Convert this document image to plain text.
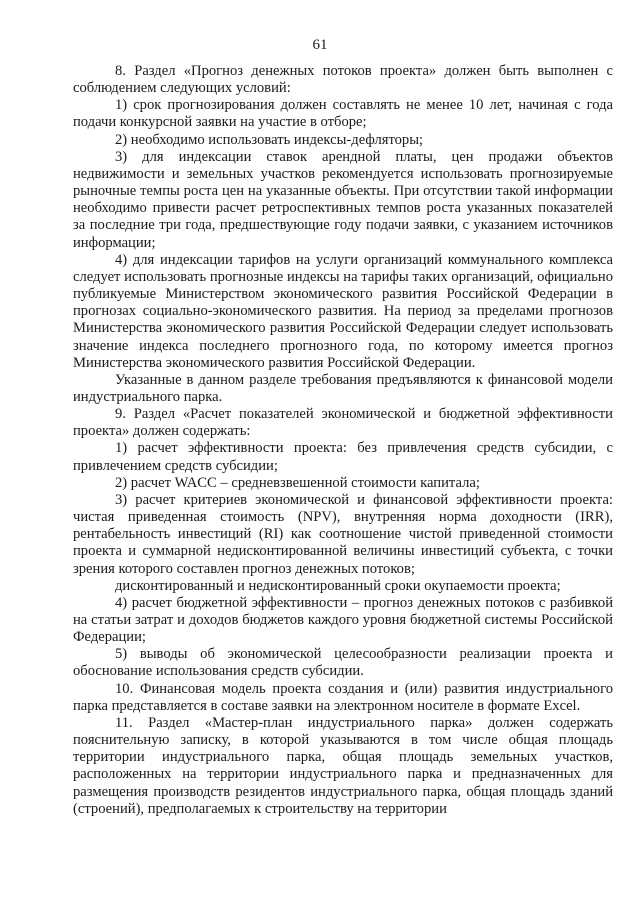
61

8. Раздел «Прогноз денежных потоков проекта» должен быть выполнен с соблюдением следующих условий:

1) срок прогнозирования должен составлять не менее 10 лет, начиная с года подачи конкурсной заявки на участие в отборе;

2) необходимо использовать индексы-дефляторы;

3) для индексации ставок арендной платы, цен продажи объектов недвижимости и земельных участков рекомендуется использовать прогнозируемые рыночные темпы роста цен на указанные объекты. При отсутствии такой информации необходимо привести расчет ретроспективных темпов роста указанных показателей за последние три года, предшествующие году подачи заявки, с указанием источников информации;

4) для индексации тарифов на услуги организаций коммунального комплекса следует использовать прогнозные индексы на тарифы таких организаций, официально публикуемые Министерством экономического развития Российской Федерации в прогнозах социально-экономического развития. На период за пределами прогнозов Министерства экономического развития Российской Федерации следует использовать значение индекса последнего прогнозного года, по которому имеется прогноз Министерства экономического развития Российской Федерации.

Указанные в данном разделе требования предъявляются к финансовой модели индустриального парка.

9. Раздел «Расчет показателей экономической и бюджетной эффективности проекта» должен содержать:

1) расчет эффективности проекта: без привлечения средств субсидии, с привлечением средств субсидии;

2) расчет WACC – средневзвешенной стоимости капитала;

3) расчет критериев экономической и финансовой эффективности проекта: чистая приведенная стоимость (NPV), внутренняя норма доходности (IRR), рентабельность инвестиций (RI) как соотношение чистой приведенной стоимости проекта и суммарной недисконтированной величины инвестиций субъекта, с точки зрения которого составлен прогноз денежных потоков;

дисконтированный и недисконтированный сроки окупаемости проекта;

4) расчет бюджетной эффективности – прогноз денежных потоков с разбивкой на статьи затрат и доходов бюджетов каждого уровня бюджетной системы Российской Федерации;

5) выводы об экономической целесообразности реализации проекта и обоснование использования средств субсидии.

10. Финансовая модель проекта создания и (или) развития индустриального парка представляется в составе заявки на электронном носителе в формате Excel.

11. Раздел «Мастер-план индустриального парка» должен содержать пояснительную записку, в которой указываются в том числе общая площадь территории индустриального парка, общая площадь земельных участков, расположенных на территории индустриального парка и предназначенных для размещения производств резидентов индустриального парка, общая площадь зданий (строений), предполагаемых к строительству на территории
